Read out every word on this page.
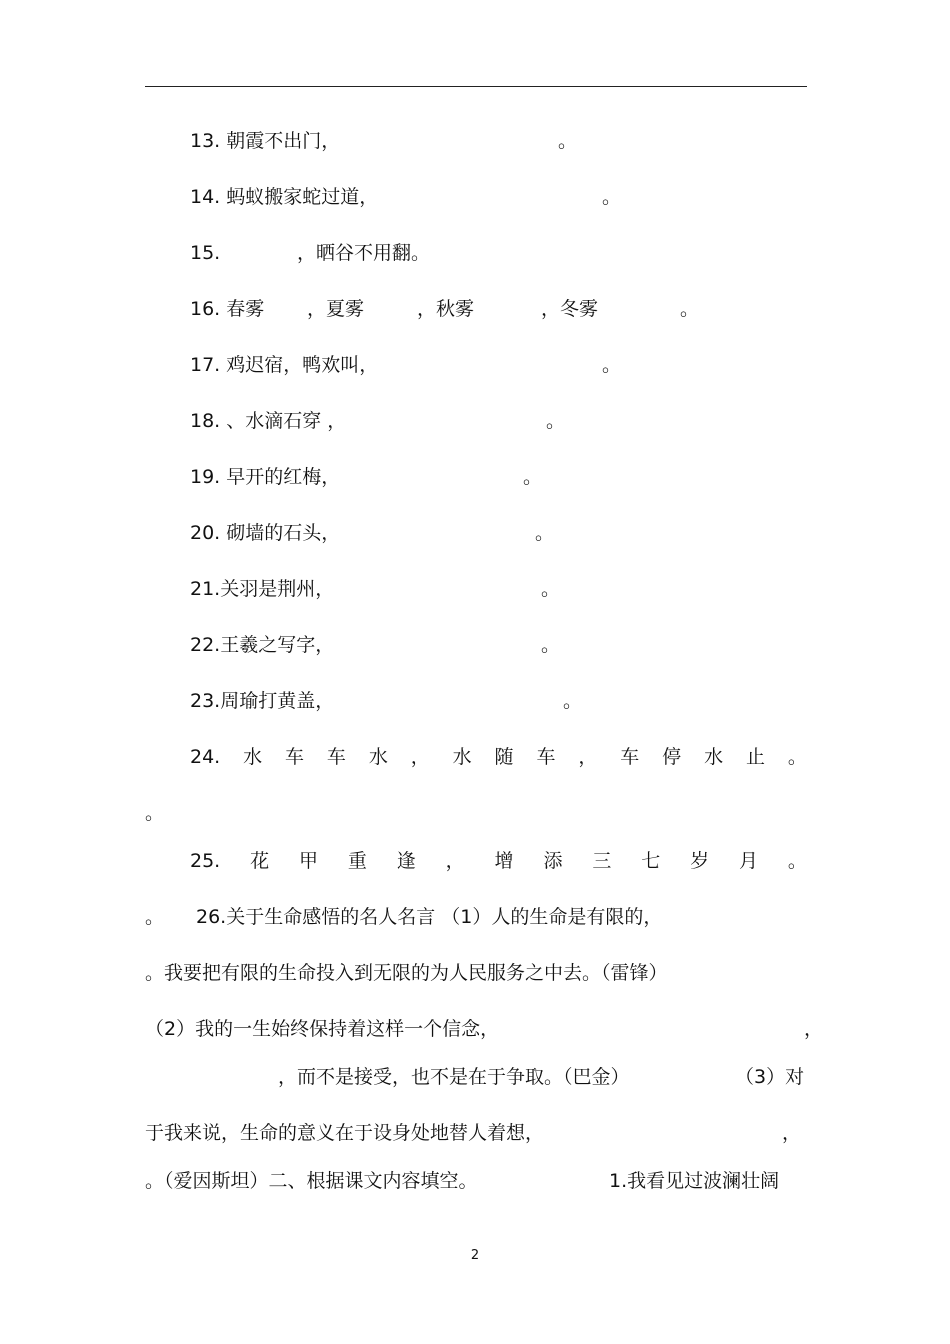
13. 朝霞不出门，	。
14. 蚂蚁搬家蛇过道，	。
15.	，晒谷不用翻。
16. 春雾 ，夏雾	，秋雾	，冬雾	。
17. 鸡迟宿，鸭欢叫，	。
18. 、水滴石穿 ，	。
19. 早开的红梅，	。
20. 砌墙的石头，	。
21.关羽是荆州，	。
22.王羲之写字，	。
23.周瑜打黄盖，	。
。
。 26.关于生命感悟的名人名言 （1）人的生命是有限的，
。我要把有限的生命投入到无限的为人民服务之中去。（雷锋）
（2）我的一生始终保持着这样一个信念，	，
，而不是接受，也不是在于争取。（巴金）	（3）对
于我来说，生命的意义在于设身处地替人着想，	，
。（爱因斯坦）二、根据课文内容填空。	1.我看见过波澜壮阔
24. 水 车 车 水 ， 水 随 车 ， 车 停 水 止 。
25. 花 甲 重 逢 ， 增 添 三 七 岁 月 。
2
